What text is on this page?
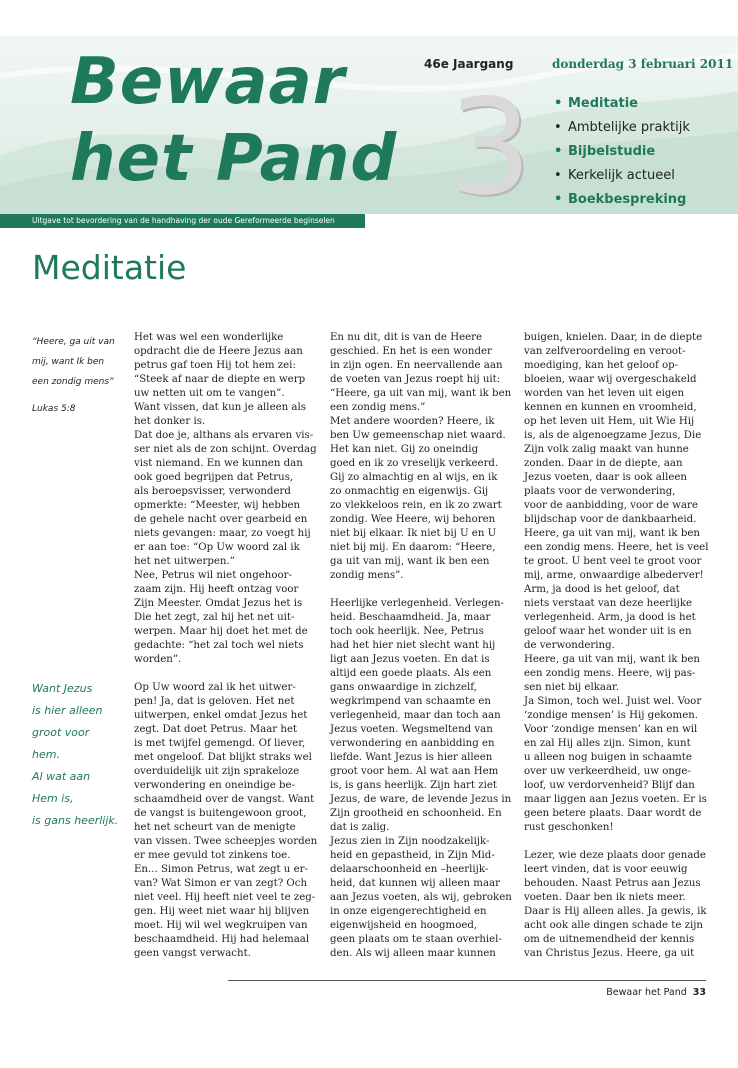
Bewaar
het Pand 3
46e Jaargang	donderdag 3 februari 2011
• Meditatie
• Ambtelijke praktijk
• Bijbelstudie
• Kerkelijk actueel
• Boekbespreking
Uitgave tot bevordering van de handhaving der oude Gereformeerde beginselen
Meditatie
“Heere, ga uit van
mij, want Ik ben
een zondig mens”
Lukas 5:8
Want Jezus
is hier alleen
groot voor
hem.
Al wat aan
Hem is,
is gans heerlijk.
Het was wel een wonderlijke
opdracht die de Heere Jezus aan
petrus gaf toen Hij tot hem zei:
“Steek af naar de diepte en werp
uw netten uit om te vangen”.
Want vissen, dat kun je alleen als
het donker is.
Dat doe je, althans als ervaren vis-
ser niet als de zon schijnt. Overdag
vist niemand. En we kunnen dan
ook goed begrijpen dat Petrus,
als beroepsvisser, verwonderd
opmerkte: “Meester, wij hebben
de gehele nacht over gearbeid en
niets gevangen: maar, zo voegt hij
er aan toe: “Op Uw woord zal ik
het net uitwerpen.”
Nee, Petrus wil niet ongehoor-
zaam zijn. Hij heeft ontzag voor
Zijn Meester. Omdat Jezus het is
Die het zegt, zal hij het net uit-
werpen. Maar hij doet het met de
gedachte: “het zal toch wel niets
worden”.
Op Uw woord zal ik het uitwer-
pen! Ja, dat is geloven. Het net
uitwerpen, enkel omdat Jezus het
zegt. Dat doet Petrus. Maar het
is met twijfel gemengd. Of liever,
met ongeloof. Dat blijkt straks wel
overduidelijk uit zijn sprakeloze
verwondering en oneindige be-
schaamdheid over de vangst. Want
de vangst is buitengewoon groot,
het net scheurt van de menigte
van vissen. Twee scheepjes worden
er mee gevuld tot zinkens toe.
En... Simon Petrus, wat zegt u er-
van? Wat Simon er van zegt? Och
niet veel. Hij heeft niet veel te zeg-
gen. Hij weet niet waar hij blijven
moet. Hij wil wel wegkruipen van
beschaamdheid. Hij had helemaal
geen vangst verwacht.
En nu dit, dit is van de Heere
geschied. En het is een wonder
in zijn ogen. En neervallende aan
de voeten van Jezus roept hij uit:
“Heere, ga uit van mij, want ik ben
een zondig mens.”
Met andere woorden? Heere, ik
ben Uw gemeenschap niet waard.
Het kan niet. Gij zo oneindig
goed en ik zo vreselijk verkeerd.
Gij zo almachtig en al wijs, en ik
zo onmachtig en eigenwijs. Gij
zo vlekkeloos rein, en ik zo zwart
zondig. Wee Heere, wij behoren
niet bij elkaar. Ik niet bij U en U
niet bij mij. En daarom: “Heere,
ga uit van mij, want ik ben een
zondig mens”.
Heerlijke verlegenheid. Verlegen-
heid. Beschaamdheid. Ja, maar
toch ook heerlijk. Nee, Petrus
had het hier niet slecht want hij
ligt aan Jezus voeten. En dat is
altijd een goede plaats. Als een
gans onwaardige in zichzelf,
wegkrimpend van schaamte en
verlegenheid, maar dan toch aan
Jezus voeten. Wegsmeltend van
verwondering en aanbidding en
liefde. Want Jezus is hier alleen
groot voor hem. Al wat aan Hem
is, is gans heerlijk. Zijn hart ziet
Jezus, de ware, de levende Jezus in
Zijn grootheid en schoonheid. En
dat is zalig.
Jezus zien in Zijn noodzakelijk-
heid en gepastheid, in Zijn Mid-
delaarschoonheid en –heerlijk-
heid, dat kunnen wij alleen maar
aan Jezus voeten, als wij, gebroken
in onze eigengerechtigheid en
eigenwijsheid en hoogmoed,
geen plaats om te staan overhiel-
den. Als wij alleen maar kunnen
buigen, knielen. Daar, in de diepte
van zelfveroordeling en veroot-
moediging, kan het geloof op-
bloeien, waar wij overgeschakeld
worden van het leven uit eigen
kennen en kunnen en vroomheid,
op het leven uit Hem, uit Wie Hij
is, als de algenoegzame Jezus, Die
Zijn volk zalig maakt van hunne
zonden. Daar in de diepte, aan
Jezus voeten, daar is ook alleen
plaats voor de verwondering,
voor de aanbidding, voor de ware
blijdschap voor de dankbaarheid.
Heere, ga uit van mij, want ik ben
een zondig mens. Heere, het is veel
te groot. U bent veel te groot voor
mij, arme, onwaardige albederver!
Arm, ja dood is het geloof, dat
niets verstaat van deze heerlijke
verlegenheid. Arm, ja dood is het
geloof waar het wonder uit is en
de verwondering.
Heere, ga uit van mij, want ik ben
een zondig mens. Heere, wij pas-
sen niet bij elkaar.
Ja Simon, toch wel. Juist wel. Voor
‘zondige mensen’ is Hij gekomen.
Voor ‘zondige mensen’ kan en wil
en zal Hij alles zijn. Simon, kunt
u alleen nog buigen in schaamte
over uw verkeerdheid, uw onge-
loof, uw verdorvenheid? Blijf dan
maar liggen aan Jezus voeten. Er is
geen betere plaats. Daar wordt de
rust geschonken!
Lezer, wie deze plaats door genade
leert vinden, dat is voor eeuwig
behouden. Naast Petrus aan Jezus
voeten. Daar ben ik niets meer.
Daar is Hij alleen alles. Ja gewis, ik
acht ook alle dingen schade te zijn
om de uitnemendheid der kennis
van Christus Jezus. Heere, ga uit
Bewaar het Pand 33
